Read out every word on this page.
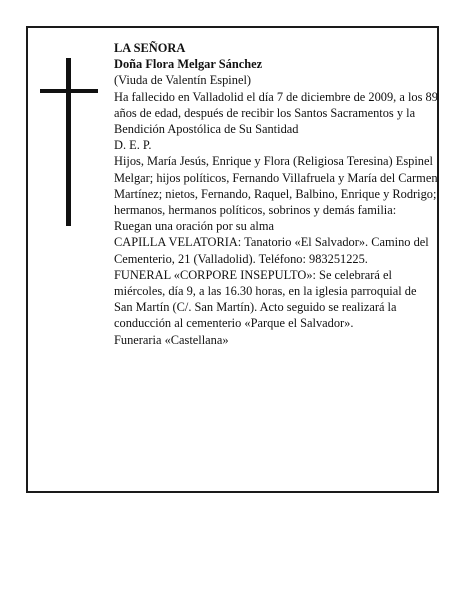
LA SEÑORA

Doña Flora Melgar Sánchez

(Viuda de Valentín Espinel)

Ha fallecido en Valladolid el día 7 de diciembre de 2009, a los 89 años de edad, después de recibir los Santos Sacramentos y la Bendición Apostólica de Su Santidad

D. E. P.

Hijos, María Jesús, Enrique y Flora (Religiosa Teresina) Espinel Melgar; hijos políticos, Fernando Villafruela y María del Carmen Martínez; nietos, Fernando, Raquel, Balbino, Enrique y Rodrigo; hermanos, hermanos políticos, sobrinos y demás familia:

Ruegan una oración por su alma

CAPILLA VELATORIA: Tanatorio «El Salvador». Camino del Cementerio, 21 (Valladolid). Teléfono: 983251225.

FUNERAL «CORPORE INSEPULTO»: Se celebrará el miércoles, día 9, a las 16.30 horas, en la iglesia parroquial de San Martín (C/. San Martín). Acto seguido se realizará la conducción al cementerio «Parque el Salvador».

Funeraria «Castellana»
